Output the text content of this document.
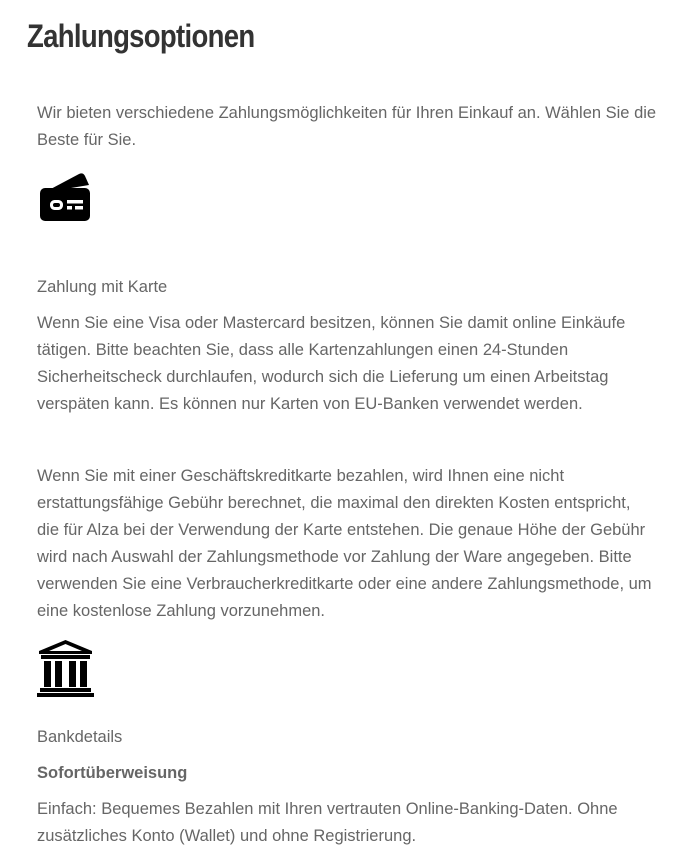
Zahlungsoptionen

Wir bieten verschiedene Zahlungsmöglichkeiten für Ihren Einkauf an. Wählen Sie die Beste für Sie.

Zahlung mit Karte

Wenn Sie eine Visa oder Mastercard besitzen, können Sie damit online Einkäufe tätigen. Bitte beachten Sie, dass alle Kartenzahlungen einen 24-Stunden Sicherheitscheck durchlaufen, wodurch sich die Lieferung um einen Arbeitstag verspäten kann. Es können nur Karten von EU-Banken verwendet werden.

Wenn Sie mit einer Geschäftskreditkarte bezahlen, wird Ihnen eine nicht erstattungsfähige Gebühr berechnet, die maximal den direkten Kosten entspricht, die für Alza bei der Verwendung der Karte entstehen. Die genaue Höhe der Gebühr wird nach Auswahl der Zahlungsmethode vor Zahlung der Ware angegeben. Bitte verwenden Sie eine Verbraucherkreditkarte oder eine andere Zahlungsmethode, um eine kostenlose Zahlung vorzunehmen.

Bankdetails
Sofortüberweisung

Einfach: Bequemes Bezahlen mit Ihren vertrauten Online-Banking-Daten. Ohne zusätzliches Konto (Wallet) und ohne Registrierung.
